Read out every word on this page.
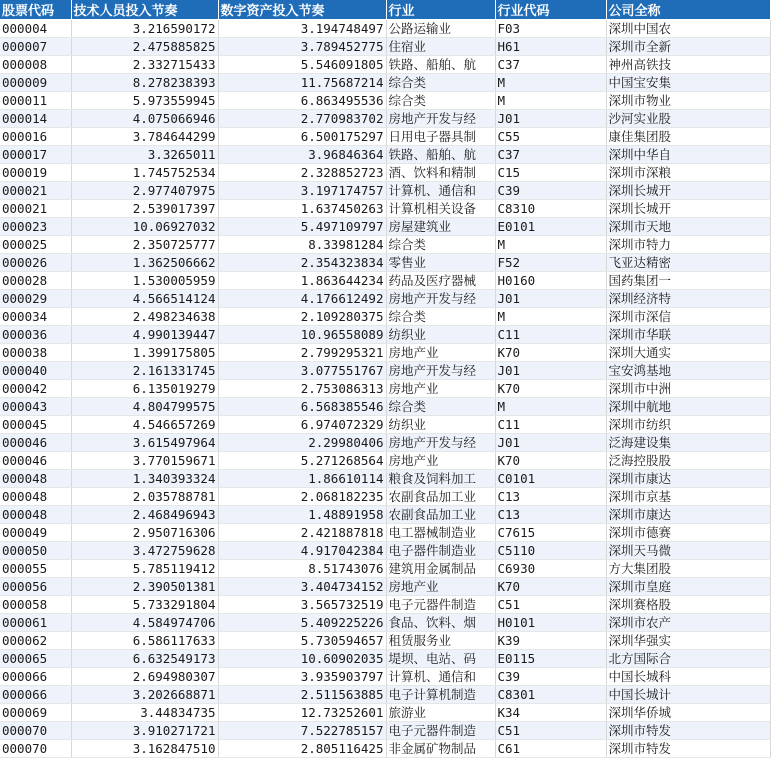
股票代码	技术人员投入节奏	数字资产投入节奏	行业	行业代码	公司全称
000004	3.216590172	3.194748497	公路运输业	F03	深圳中国农
000007	2.475885825	3.789452775	住宿业	H61	深圳市全新
000008	2.332715433	5.546091805	铁路、船舶、航	C37	神州高铁技
000009	8.278238393	11.75687214	综合类	M	中国宝安集
000011	5.973559945	6.863495536	综合类	M	深圳市物业
000014	4.075066946	2.770983702	房地产开发与经	J01	沙河实业股
000016	3.784644299	6.500175297	日用电子器具制	C55	康佳集团股
000017	3.3265011	3.96846364	铁路、船舶、航	C37	深圳中华自
000019	1.745752534	2.328852723	酒、饮料和精制	C15	深圳市深粮
000021	2.977407975	3.197174757	计算机、通信和	C39	深圳长城开
000021	2.539017397	1.637450263	计算机相关设备	C8310	深圳长城开
000023	10.06927032	5.497109797	房屋建筑业	E0101	深圳市天地
000025	2.350725777	8.33981284	综合类	M	深圳市特力
000026	1.362506662	2.354323834	零售业	F52	飞亚达精密
000028	1.530005959	1.863644234	药品及医疗器械	H0160	国药集团一
000029	4.566514124	4.176612492	房地产开发与经	J01	深圳经济特
000034	2.498234638	2.109280375	综合类	M	深圳市深信
000036	4.990139447	10.96558089	纺织业	C11	深圳市华联
000038	1.399175805	2.799295321	房地产业	K70	深圳大通实
000040	2.161331745	3.077551767	房地产开发与经	J01	宝安鸿基地
000042	6.135019279	2.753086313	房地产业	K70	深圳市中洲
000043	4.804799575	6.568385546	综合类	M	深圳中航地
000045	4.546657269	6.974072329	纺织业	C11	深圳市纺织
000046	3.615497964	2.29980406	房地产开发与经	J01	泛海建设集
000046	3.770159671	5.271268564	房地产业	K70	泛海控股股
000048	1.340393324	1.86610114	粮食及饲料加工	C0101	深圳市康达
000048	2.035788781	2.068182235	农副食品加工业	C13	深圳市京基
000048	2.468496943	1.48891958	农副食品加工业	C13	深圳市康达
000049	2.950716306	2.421887818	电工器械制造业	C7615	深圳市德赛
000050	3.472759628	4.917042384	电子器件制造业	C5110	深圳天马微
000055	5.785119412	8.51743076	建筑用金属制品	C6930	方大集团股
000056	2.390501381	3.404734152	房地产业	K70	深圳市皇庭
000058	5.733291804	3.565732519	电子元器件制造	C51	深圳赛格股
000061	4.584974706	5.409225226	食品、饮料、烟	H0101	深圳市农产
000062	6.586117633	5.730594657	租赁服务业	K39	深圳华强实
000065	6.632549173	10.60902035	堤坝、电站、码	E0115	北方国际合
000066	2.694980307	3.935903797	计算机、通信和	C39	中国长城科
000066	3.202668871	2.511563885	电子计算机制造	C8301	中国长城计
000069	3.44834735	12.73252601	旅游业	K34	深圳华侨城
000070	3.910271721	7.522785157	电子元器件制造	C51	深圳市特发
000070	3.162847510	2.805116425	非金属矿物制品	C61	深圳市特发
